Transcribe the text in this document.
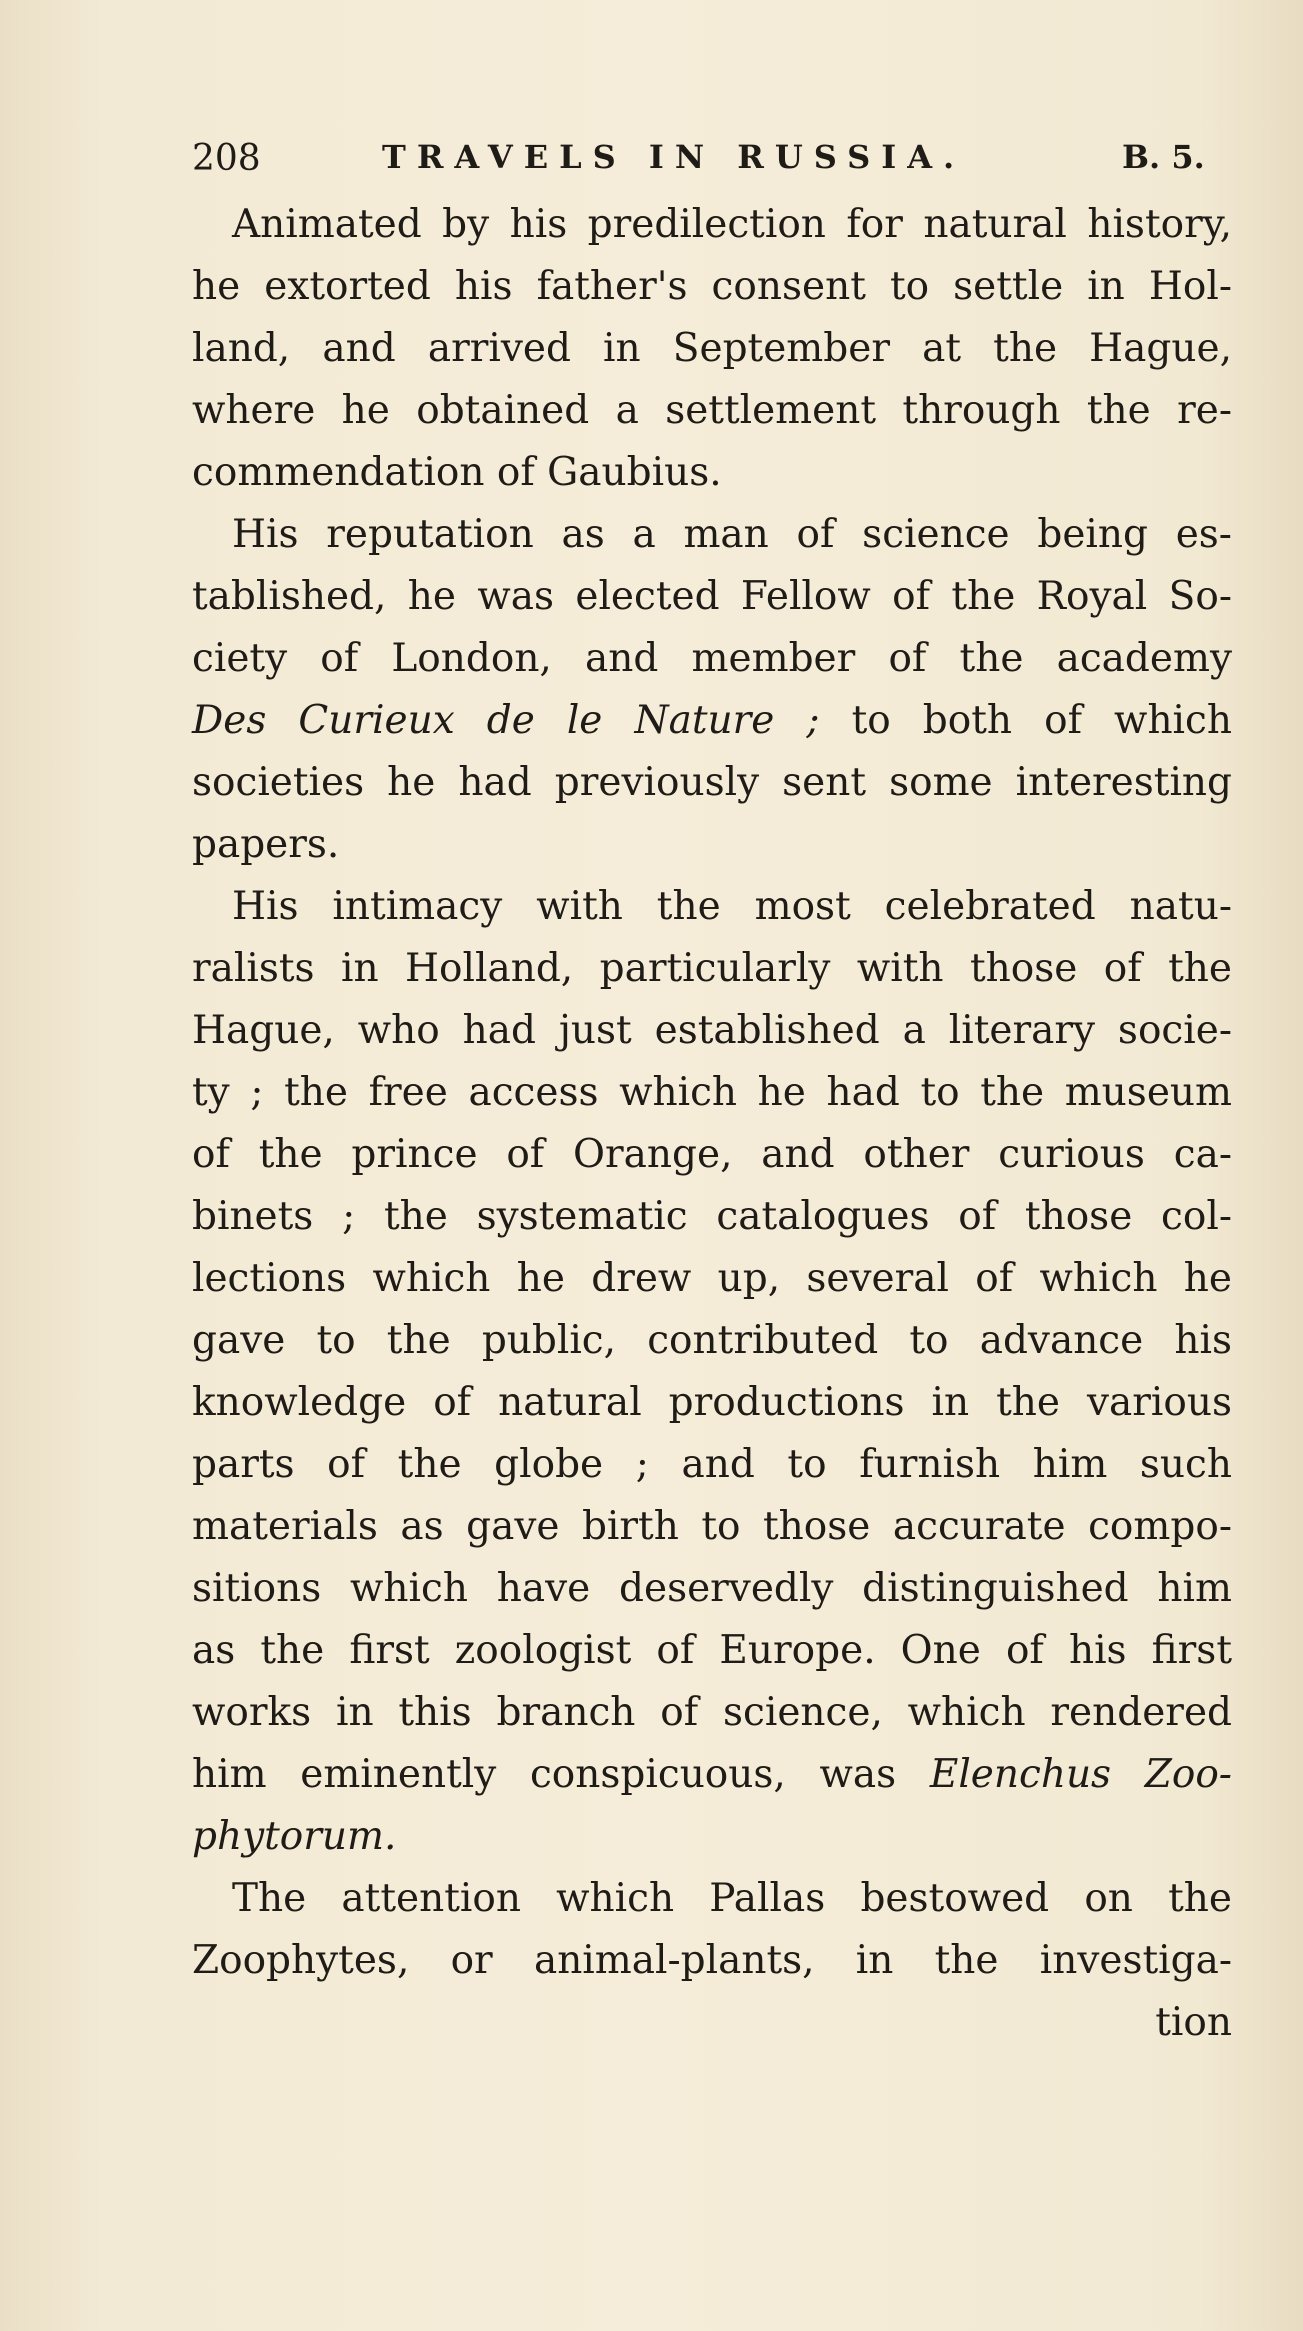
208	TRAVELS IN RUSSIA.	B. 5.
Animated by his predilection for natural history,
he extorted his father's consent to settle in Hol-
land, and arrived in September at the Hague,
where he obtained a settlement through the re-
commendation of Gaubius.
His reputation as a man of science being es-
tablished, he was elected Fellow of the Royal So-
ciety of London, and member of the academy
Des Curieux de le Nature ; to both of which
societies he had previously sent some interesting
papers.
His intimacy with the most celebrated natu-
ralists in Holland, particularly with those of the
Hague, who had just established a literary socie-
ty ; the free access which he had to the museum
of the prince of Orange, and other curious ca-
binets ; the systematic catalogues of those col-
lections which he drew up, several of which he
gave to the public, contributed to advance his
knowledge of natural productions in the various
parts of the globe ; and to furnish him such
materials as gave birth to those accurate compo-
sitions which have deservedly distinguished him
as the first zoologist of Europe. One of his first
works in this branch of science, which rendered
him eminently conspicuous, was Elenchus Zoo-
phytorum.
The attention which Pallas bestowed on the
Zoophytes, or animal-plants, in the investiga-
tion
